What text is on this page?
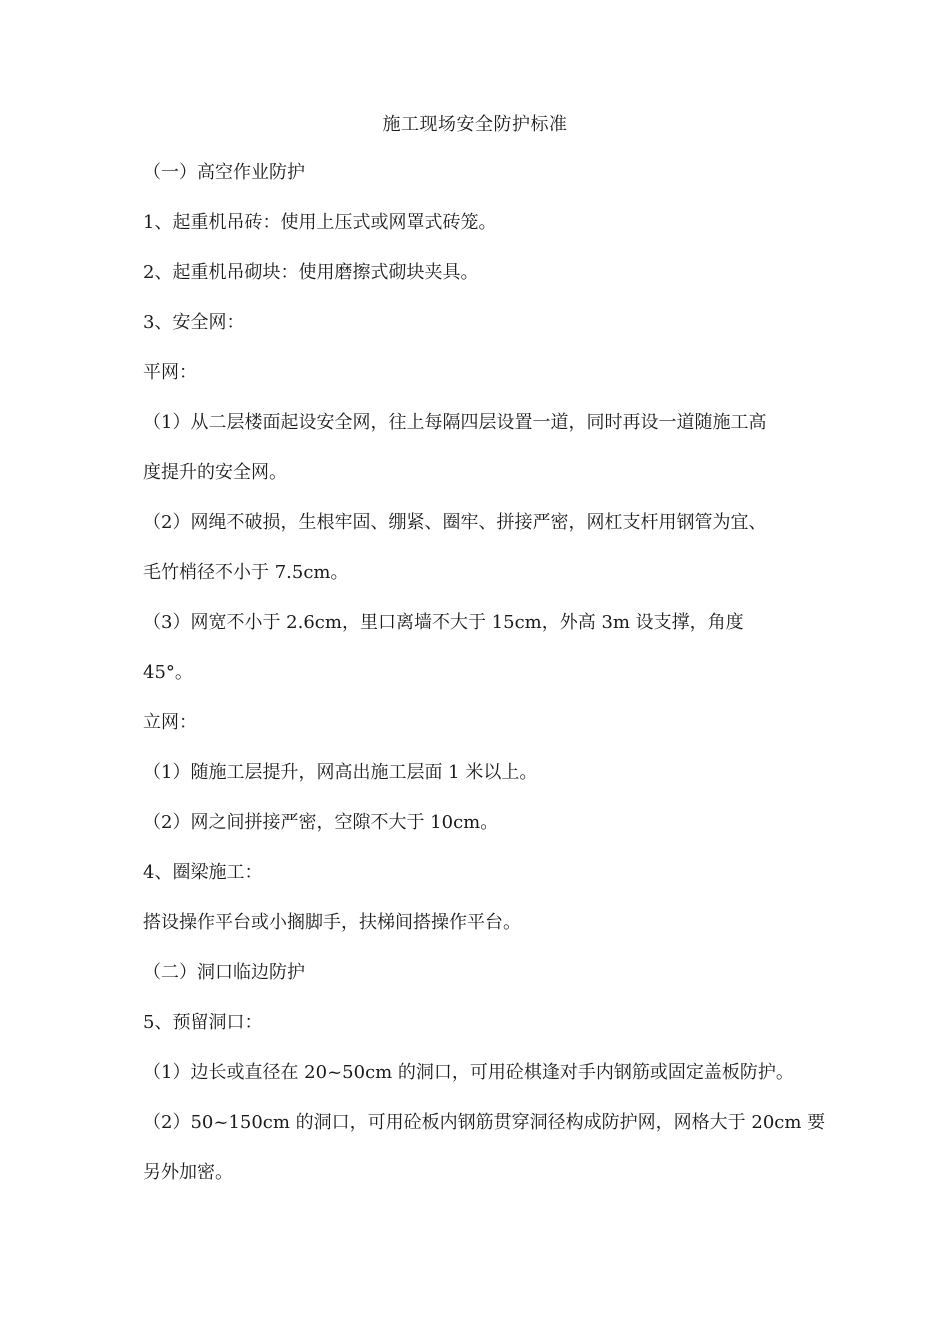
施工现场安全防护标准
（一）高空作业防护
1、起重机吊砖：使用上压式或网罩式砖笼。
2、起重机吊砌块：使用磨擦式砌块夹具。
3、安全网：
平网：
（1）从二层楼面起设安全网，往上每隔四层设置一道，同时再设一道随施工高
度提升的安全网。
（2）网绳不破损，生根牢固、绷紧、圈牢、拼接严密，网杠支杆用钢管为宜、
毛竹梢径不小于 7.5cm。
（3）网宽不小于 2.6cm，里口离墙不大于 15cm，外高 3m 设支撑，角度
45°。
立网：
（1）随施工层提升，网高出施工层面 1 米以上。
（2）网之间拼接严密，空隙不大于 10cm。
4、圈梁施工：
搭设操作平台或小搁脚手，扶梯间搭操作平台。
（二）洞口临边防护
5、预留洞口：
（1）边长或直径在 20~50cm 的洞口，可用砼棋逢对手内钢筋或固定盖板防护。
（2）50~150cm 的洞口，可用砼板内钢筋贯穿洞径构成防护网，网格大于 20cm 要
另外加密。
